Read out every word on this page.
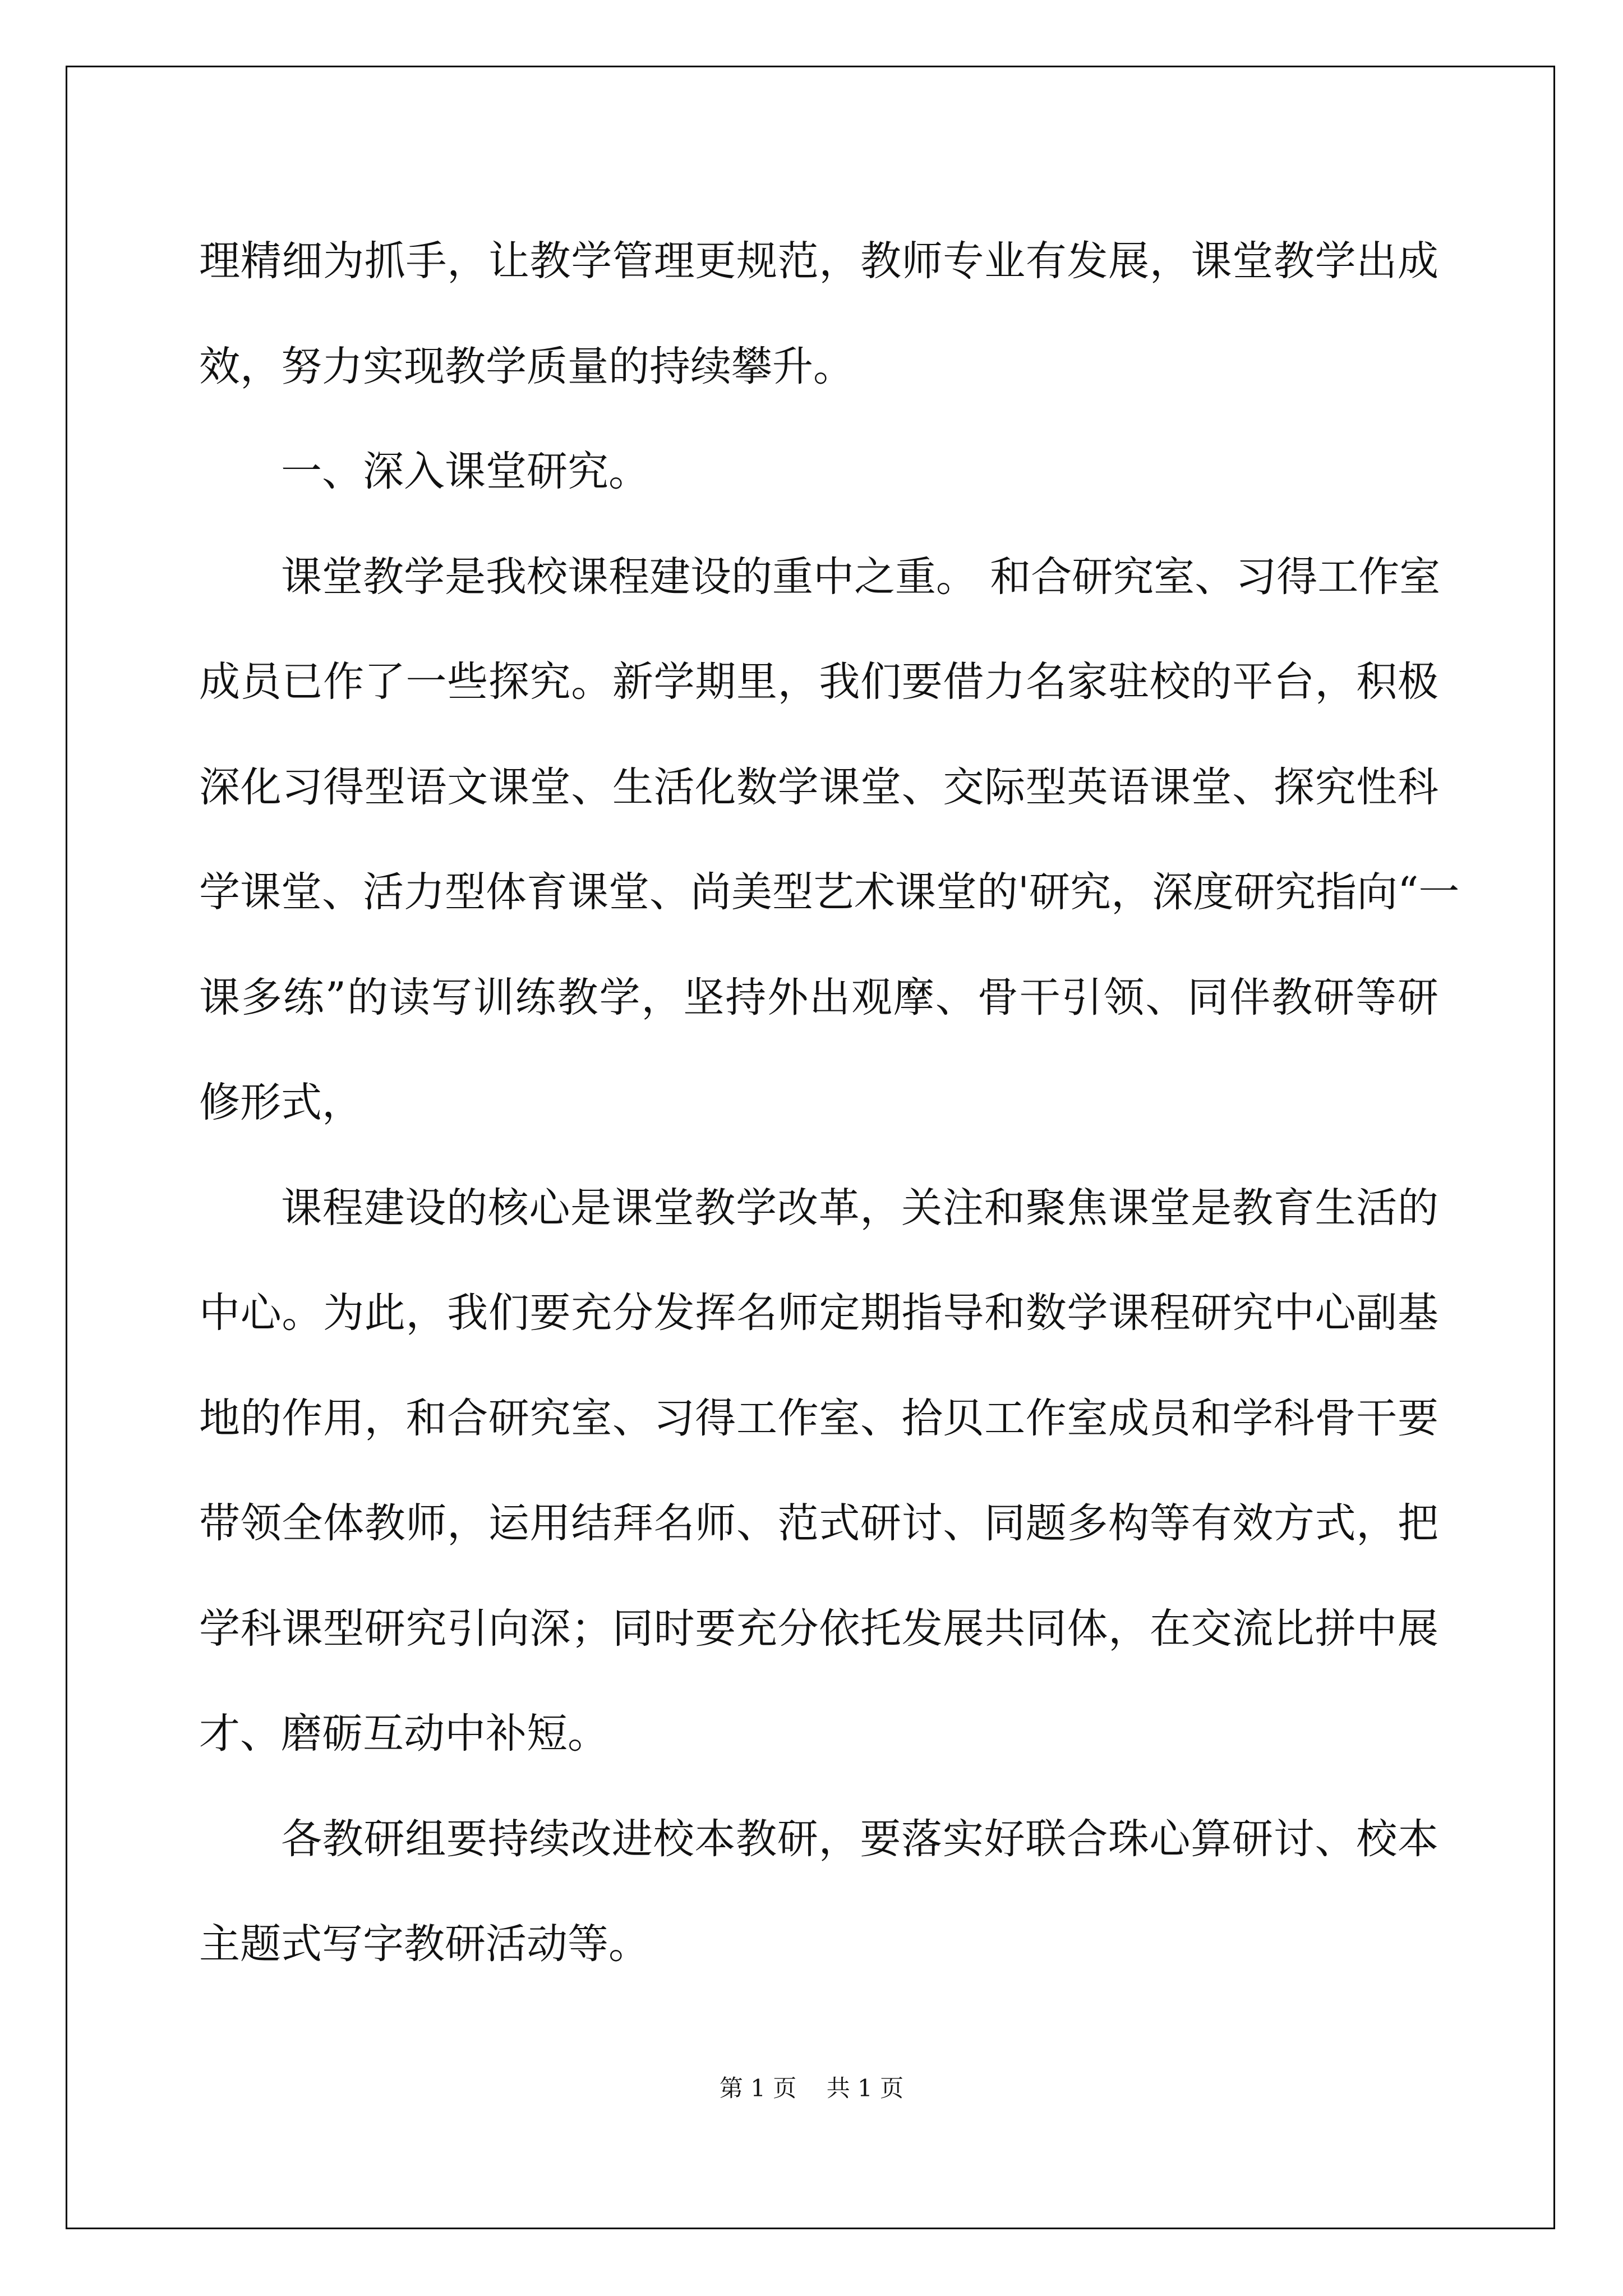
理精细为抓手，让教学管理更规范，教师专业有发展，课堂教学出成
效，努力实现教学质量的持续攀升。
一、深入课堂研究。
课堂教学是我校课程建设的重中之重。 和合研究室、习得工作室
成员已作了一些探究。新学期里，我们要借力名家驻校的平台，积极
深化习得型语文课堂、生活化数学课堂、交际型英语课堂、探究性科
学课堂、活力型体育课堂、尚美型艺术课堂的'研究，深度研究指向“一
课多练”的读写训练教学，坚持外出观摩、骨干引领、同伴教研等研
修形式，
课程建设的核心是课堂教学改革，关注和聚焦课堂是教育生活的
中心。为此，我们要充分发挥名师定期指导和数学课程研究中心副基
地的作用，和合研究室、习得工作室、拾贝工作室成员和学科骨干要
带领全体教师，运用结拜名师、范式研讨、同题多构等有效方式，把
学科课型研究引向深；同时要充分依托发展共同体，在交流比拼中展
才、磨砺互动中补短。
各教研组要持续改进校本教研，要落实好联合珠心算研讨、校本
主题式写字教研活动等。
第 1 页 共 1 页
